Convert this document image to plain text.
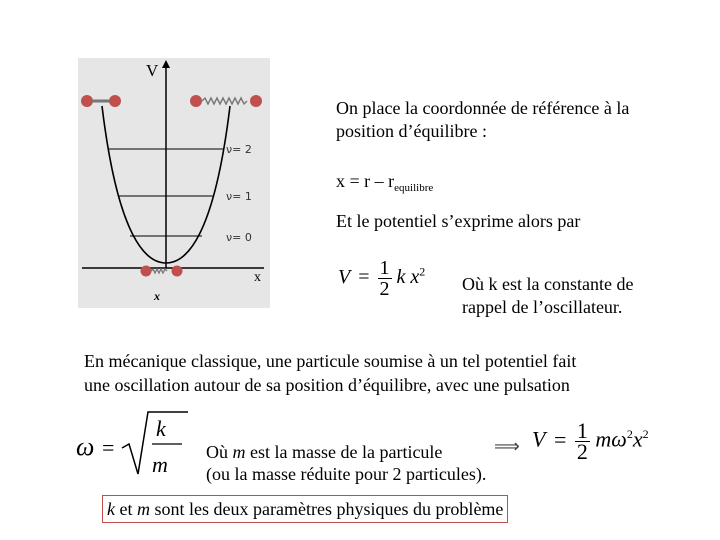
V
x
x
ν= 2
ν= 1
ν= 0
On place la coordonnée de référence à la
position d’équilibre :
$x = r - r_{equilibre}$
Et le potentiel s’exprime alors par
$V = \frac{1}{2}$ k $x^2$
Où k est la constante de
rappel de l’oscillateur.
En mécanique classique, une particule soumise à un tel potentiel fait
une oscillation autour de sa position d’équilibre, avec une pulsation
ω =
k
m Où m est la masse de la particule
(ou la masse réduite pour 2 particules).
⟹ $V = \frac{1}{2} m\omega^2x^2$
k et m sont les deux paramètres physiques du problème
